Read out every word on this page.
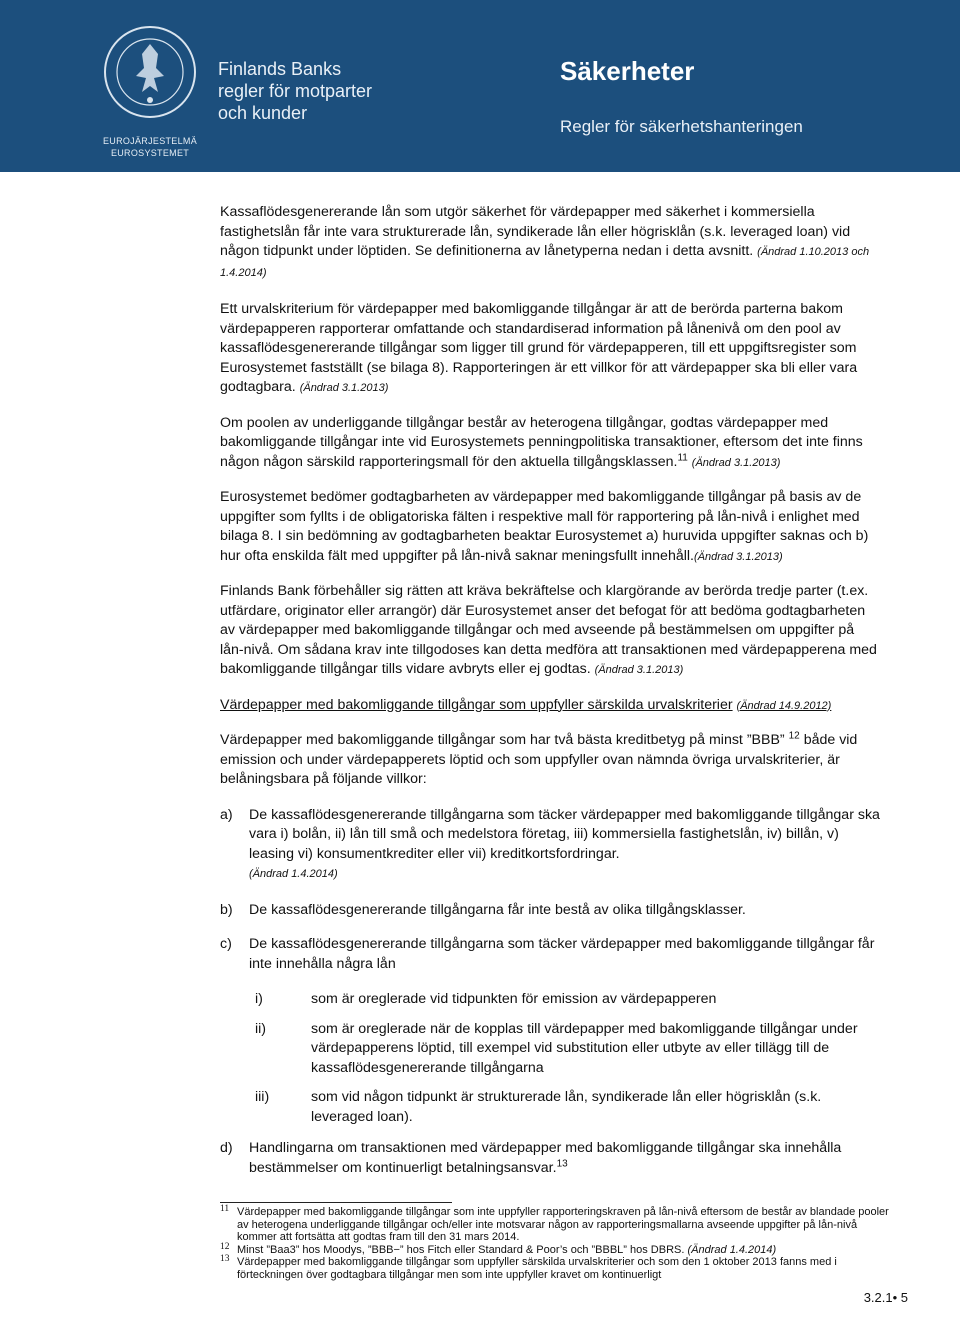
EUROJÄRJESTELMÄ
EUROSYSTEMET
Finlands Banks
regler för motparter
och kunder
Säkerheter
Regler för säkerhetshanteringen

Kassaflödesgenererande lån som utgör säkerhet för värdepapper med säkerhet i kommersiella fastighetslån får inte vara strukturerade lån, syndikerade lån eller högrisklån (s.k. leveraged loan) vid någon tidpunkt under löptiden. Se definitionerna av lånetyperna nedan i detta avsnitt. (Ändrad 1.10.2013 och 1.4.2014)

Ett urvalskriterium för värdepapper med bakomliggande tillgångar är att de berörda parterna bakom värdepapperen rapporterar omfattande och standardiserad information på lånenivå om den pool av kassaflödesgenererande tillgångar som ligger till grund för värdepapperen, till ett uppgiftsregister som Eurosystemet fastställt (se bilaga 8). Rapporteringen är ett villkor för att värdepapper ska bli eller vara godtagbara. (Ändrad 3.1.2013)

Om poolen av underliggande tillgångar består av heterogena tillgångar, godtas värdepapper med bakomliggande tillgångar inte vid Eurosystemets penningpolitiska transaktioner, eftersom det inte finns någon någon särskild rapporteringsmall för den aktuella tillgångsklassen.$^{11}$ (Ändrad 3.1.2013)

Eurosystemet bedömer godtagbarheten av värdepapper med bakomliggande tillgångar på basis av de uppgifter som fyllts i de obligatoriska fälten i respektive mall för rapportering på lån-nivå i enlighet med bilaga 8. I sin bedömning av godtagbarheten beaktar Eurosystemet a) huruvida uppgifter saknas och b) hur ofta enskilda fält med uppgifter på lån-nivå saknar meningsfullt innehåll.(Ändrad 3.1.2013)

Finlands Bank förbehåller sig rätten att kräva bekräftelse och klargörande av berörda tredje parter (t.ex. utfärdare, originator eller arrangör) där Eurosystemet anser det befogat för att bedöma godtagbarheten av värdepapper med bakomliggande tillgångar och med avseende på bestämmelsen om uppgifter på lån-nivå. Om sådana krav inte tillgodoses kan detta medföra att transaktionen med värdepapperena med bakomliggande tillgångar tills vidare avbryts eller ej godtas. (Ändrad 3.1.2013)

Värdepapper med bakomliggande tillgångar som uppfyller särskilda urvalskriterier (Ändrad 14.9.2012)

Värdepapper med bakomliggande tillgångar som har två bästa kreditbetyg på minst ”BBB” $^{12}$ både vid emission och under värdepapperets löptid och som uppfyller ovan nämnda övriga urvalskriterier, är belåningsbara på följande villkor:

a) De kassaflödesgenererande tillgångarna som täcker värdepapper med bakomliggande tillgångar ska vara i) bolån, ii) lån till små och medelstora företag, iii) kommersiella fastighetslån, iv) billån, v) leasing vi) konsumentkrediter eller vii) kreditkortsfordringar.
(Ändrad 1.4.2014)
b) De kassaflödesgenererande tillgångarna får inte bestå av olika tillgångsklasser.
c) De kassaflödesgenererande tillgångarna som täcker värdepapper med bakomliggande tillgångar får inte innehålla några lån
i)	som är oreglerade vid tidpunkten för emission av värdepapperen
ii)	som är oreglerade när de kopplas till värdepapper med bakomliggande tillgångar under värdepapperens löptid, till exempel vid substitution eller utbyte av eller tillägg till de kassaflödesgenererande tillgångarna
iii)	som vid någon tidpunkt är strukturerade lån, syndikerade lån eller högrisklån (s.k. leveraged loan).
d) Handlingarna om transaktionen med värdepapper med bakomliggande tillgångar ska innehålla bestämmelser om kontinuerligt betalningsansvar.$^{13}$
11 Värdepapper med bakomliggande tillgångar som inte uppfyller rapporteringskraven på lån-nivå eftersom de består av blandade pooler av heterogena underliggande tillgångar och/eller inte motsvarar någon av rapporteringsmallarna avseende uppgifter på lån-nivå kommer att fortsätta att godtas fram till den 31 mars 2014.
12 Minst ”Baa3” hos Moodys, ”BBB−” hos Fitch eller Standard & Poor’s och ”BBBL” hos DBRS. (Ändrad 1.4.2014)
13 Värdepapper med bakomliggande tillgångar som uppfyller särskilda urvalskriterier och som den 1 oktober 2013 fanns med i förteckningen över godtagbara tillgångar men som inte uppfyller kravet om kontinuerligt
3.2.1• 5
